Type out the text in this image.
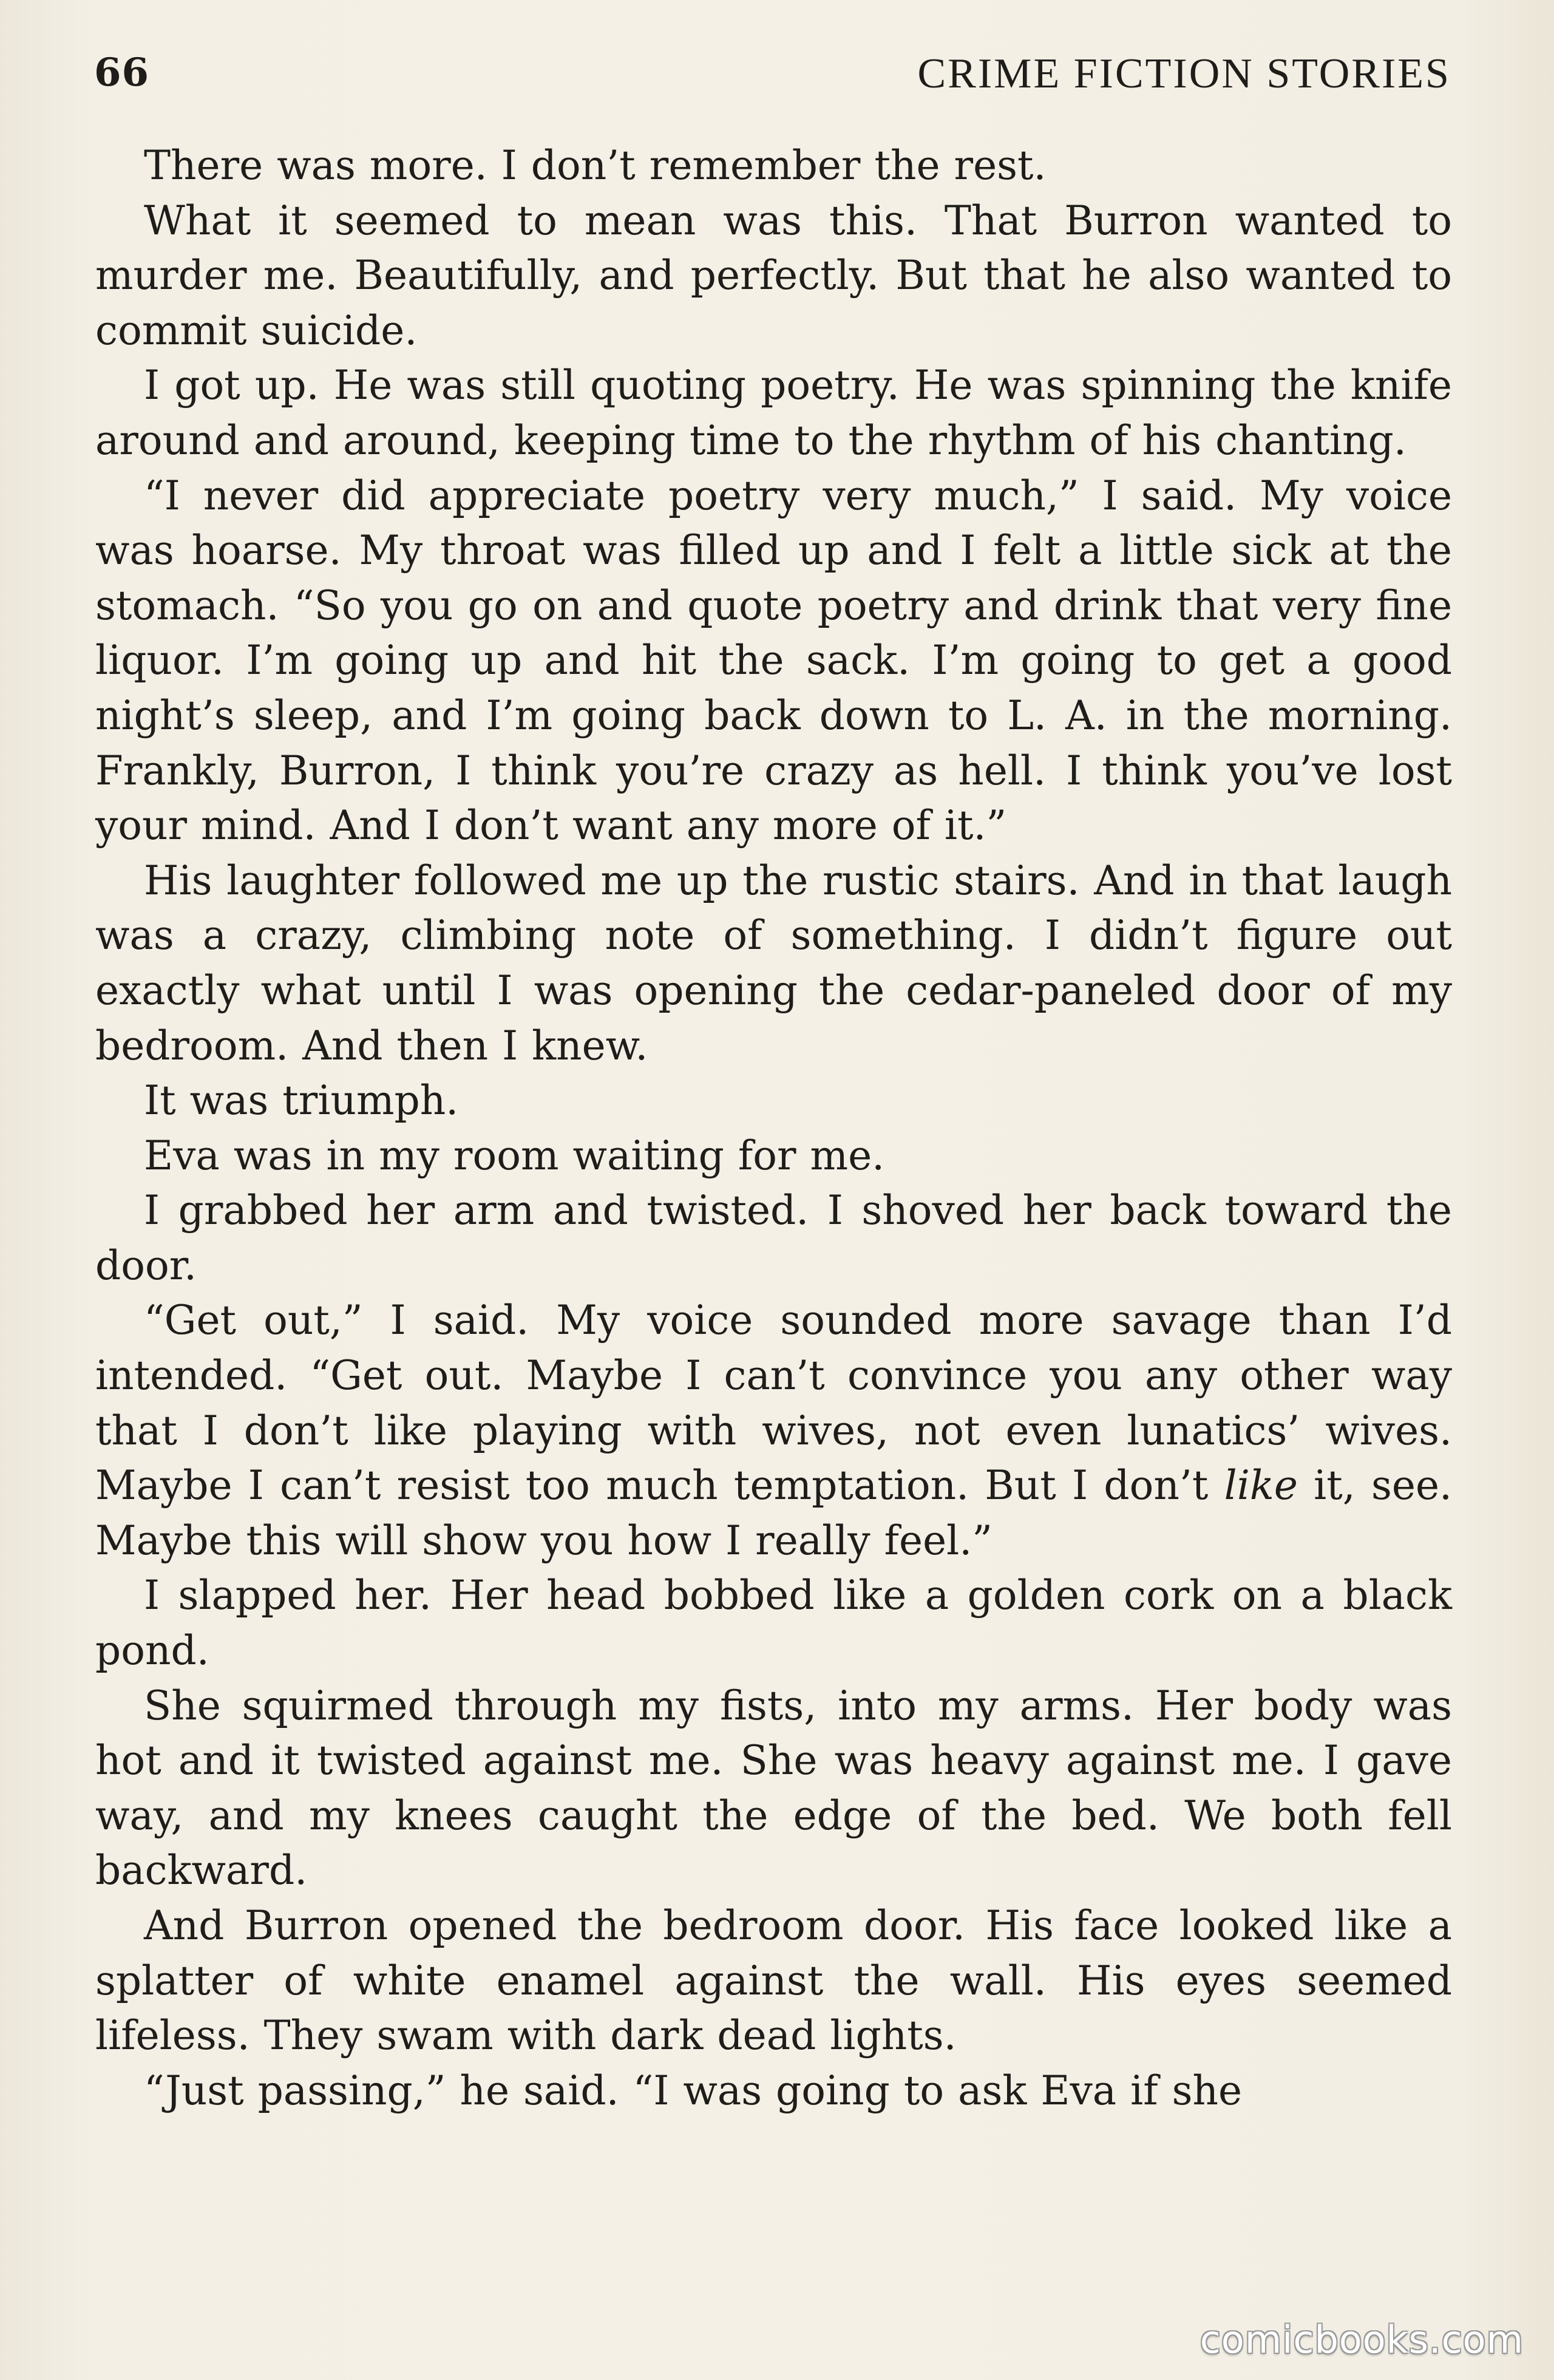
66	CRIME FICTION STORIES

There was more. I don’t remember the rest.

What it seemed to mean was this. That Burron wanted to murder me. Beautifully, and perfectly. But that he also wanted to commit suicide.

I got up. He was still quoting poetry. He was spinning the knife around and around, keeping time to the rhythm of his chanting.

“I never did appreciate poetry very much,” I said. My voice was hoarse. My throat was filled up and I felt a little sick at the stomach. “So you go on and quote poetry and drink that very fine liquor. I’m going up and hit the sack. I’m going to get a good night’s sleep, and I’m going back down to L. A. in the morning. Frankly, Burron, I think you’re crazy as hell. I think you’ve lost your mind. And I don’t want any more of it.”

His laughter followed me up the rustic stairs. And in that laugh was a crazy, climbing note of something. I didn’t figure out exactly what until I was opening the cedar-paneled door of my bedroom. And then I knew.

It was triumph.

Eva was in my room waiting for me.

I grabbed her arm and twisted. I shoved her back toward the door.

“Get out,” I said. My voice sounded more savage than I’d intended. “Get out. Maybe I can’t convince you any other way that I don’t like playing with wives, not even lunatics’ wives. Maybe I can’t resist too much temptation. But I don’t like it, see. Maybe this will show you how I really feel.”

I slapped her. Her head bobbed like a golden cork on a black pond.

She squirmed through my fists, into my arms. Her body was hot and it twisted against me. She was heavy against me. I gave way, and my knees caught the edge of the bed. We both fell backward.

And Burron opened the bedroom door. His face looked like a splatter of white enamel against the wall. His eyes seemed lifeless. They swam with dark dead lights.

“Just passing,” he said. “I was going to ask Eva if she

comicbooks.com
